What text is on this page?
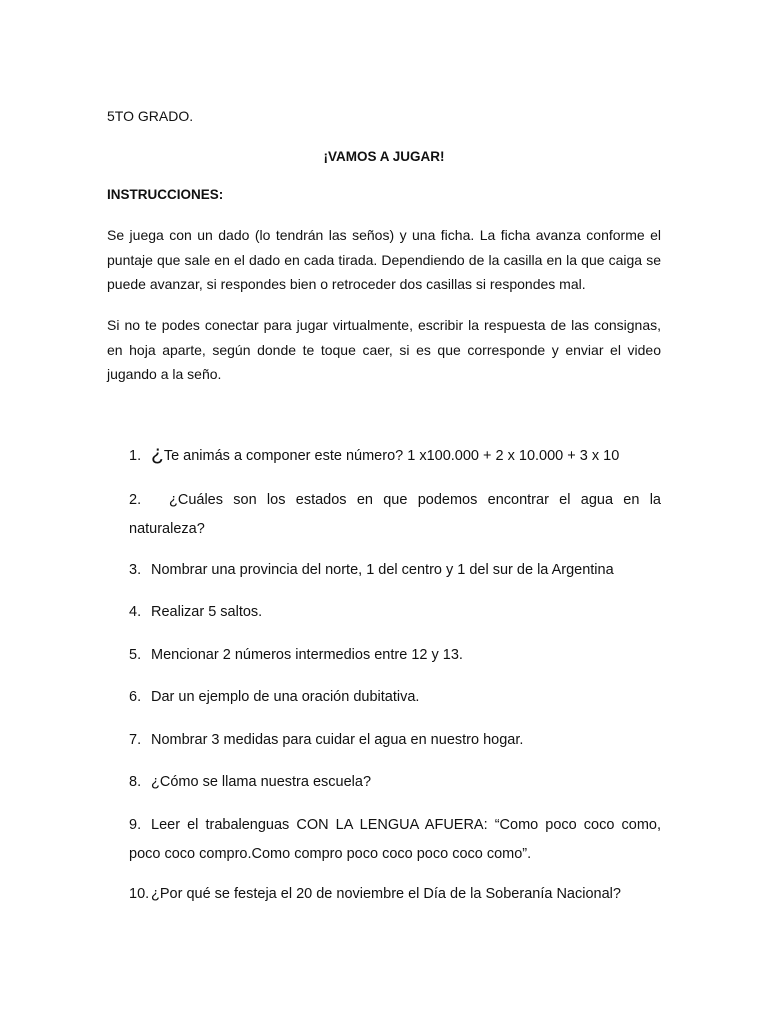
5TO GRADO.
¡VAMOS A JUGAR!
INSTRUCCIONES:
Se juega con un dado (lo tendrán las seños) y una ficha. La ficha avanza conforme el puntaje que sale en el dado en cada tirada. Dependiendo de la casilla en la que caiga se puede avanzar, si respondes bien o retroceder dos casillas si respondes mal.
Si no te podes conectar para jugar virtualmente, escribir la respuesta de las consignas, en hoja aparte, según donde te toque caer, si es que corresponde y enviar el video jugando a la seño.
1. ¿Te animás a componer este número? 1 x100.000 + 2 x 10.000 + 3 x 10
2. ¿Cuáles son los estados en que podemos encontrar el agua en la naturaleza?
3. Nombrar una provincia del norte, 1 del centro y 1 del sur de la Argentina
4. Realizar 5 saltos.
5. Mencionar 2 números intermedios entre 12 y 13.
6. Dar un ejemplo de una oración dubitativa.
7. Nombrar 3 medidas para cuidar el agua en nuestro hogar.
8. ¿Cómo se llama nuestra escuela?
9. Leer el trabalenguas CON LA LENGUA AFUERA: “Como poco coco como, poco coco compro.Como compro poco coco poco coco como”.
10. ¿Por qué se festeja el 20 de noviembre el Día de la Soberanía Nacional?
